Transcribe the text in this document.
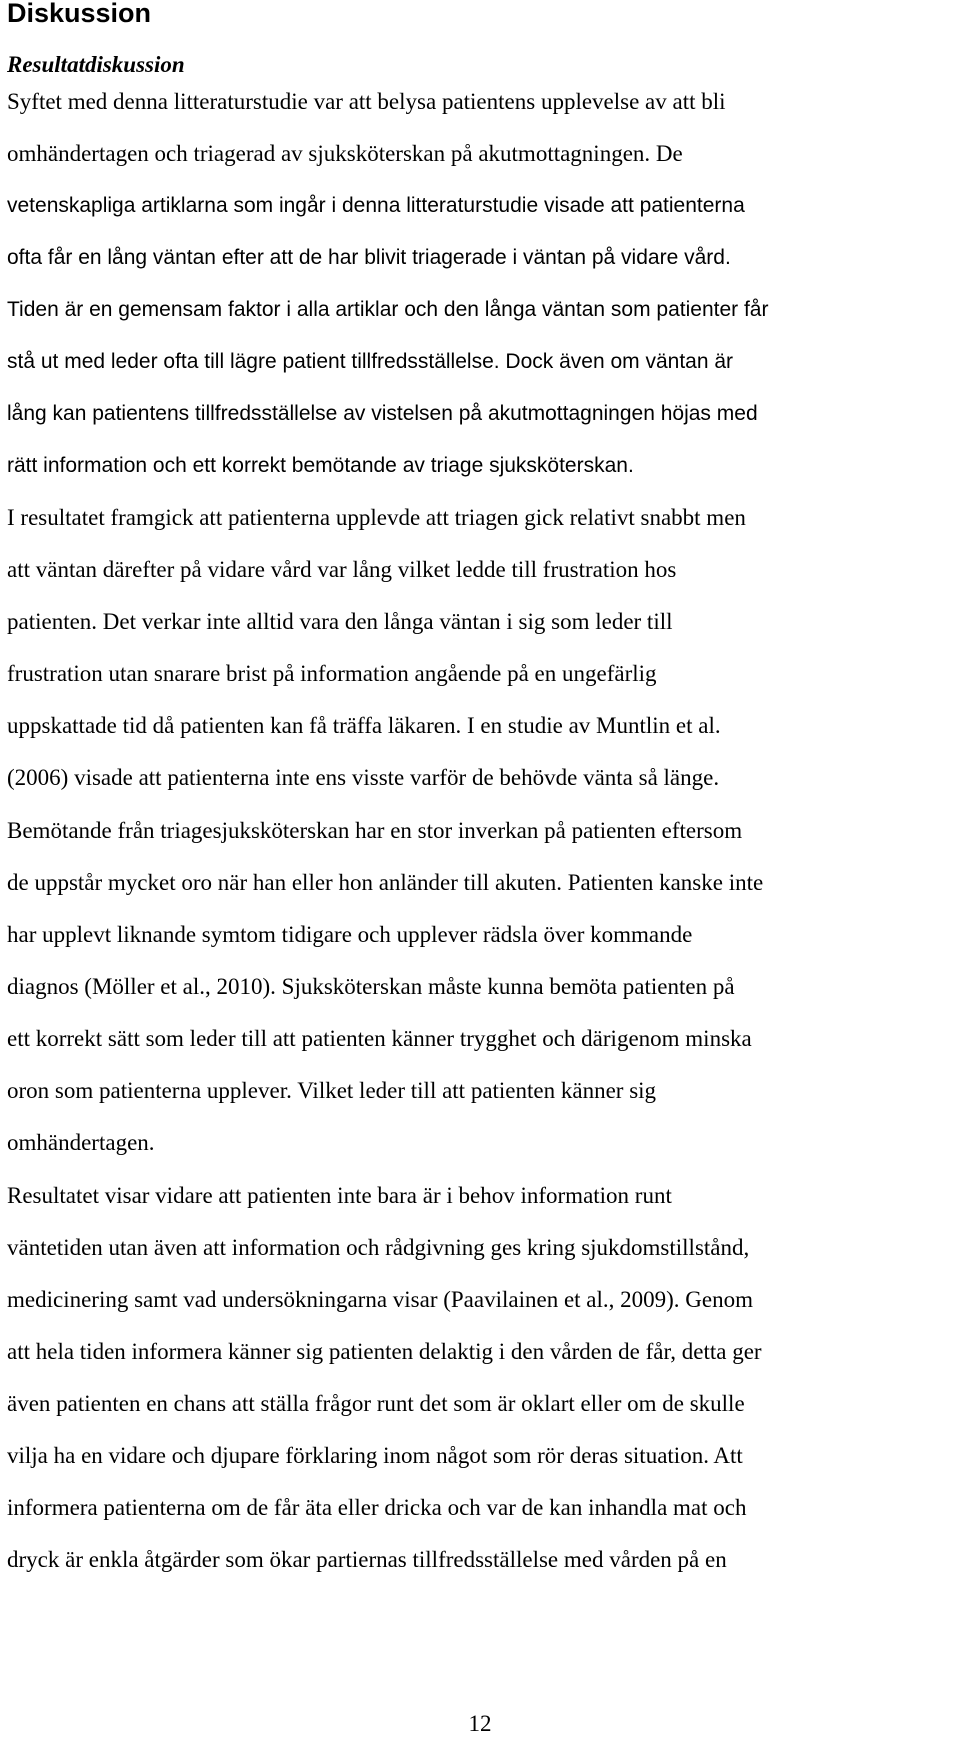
Diskussion
Resultatdiskussion
Syftet med denna litteraturstudie var att belysa patientens upplevelse av att bli
omhändertagen och triagerad av sjuksköterskan på akutmottagningen. De
vetenskapliga artiklarna som ingår i denna litteraturstudie visade att patienterna
ofta får en lång väntan efter att de har blivit triagerade i väntan på vidare vård.
Tiden är en gemensam faktor i alla artiklar och den långa väntan som patienter får
stå ut med leder ofta till lägre patient tillfredsställelse. Dock även om väntan är
lång kan patientens tillfredsställelse av vistelsen på akutmottagningen höjas med
rätt information och ett korrekt bemötande av triage sjuksköterskan.
I resultatet framgick att patienterna upplevde att triagen gick relativt snabbt men
att väntan därefter på vidare vård var lång vilket ledde till frustration hos
patienten. Det verkar inte alltid vara den långa väntan i sig som leder till
frustration utan snarare brist på information angående på en ungefärlig
uppskattade tid då patienten kan få träffa läkaren. I en studie av Muntlin et al.
(2006) visade att patienterna inte ens visste varför de behövde vänta så länge.
Bemötande från triagesjuksköterskan har en stor inverkan på patienten eftersom
de uppstår mycket oro när han eller hon anländer till akuten. Patienten kanske inte
har upplevt liknande symtom tidigare och upplever rädsla över kommande
diagnos (Möller et al., 2010). Sjuksköterskan måste kunna bemöta patienten på
ett korrekt sätt som leder till att patienten känner trygghet och därigenom minska
oron som patienterna upplever. Vilket leder till att patienten känner sig
omhändertagen.
Resultatet visar vidare att patienten inte bara är i behov information runt
väntetiden utan även att information och rådgivning ges kring sjukdomstillstånd,
medicinering samt vad undersökningarna visar (Paavilainen et al., 2009). Genom
att hela tiden informera känner sig patienten delaktig i den vården de får, detta ger
även patienten en chans att ställa frågor runt det som är oklart eller om de skulle
vilja ha en vidare och djupare förklaring inom något som rör deras situation. Att
informera patienterna om de får äta eller dricka och var de kan inhandla mat och
dryck är enkla åtgärder som ökar partiernas tillfredsställelse med vården på en

12
